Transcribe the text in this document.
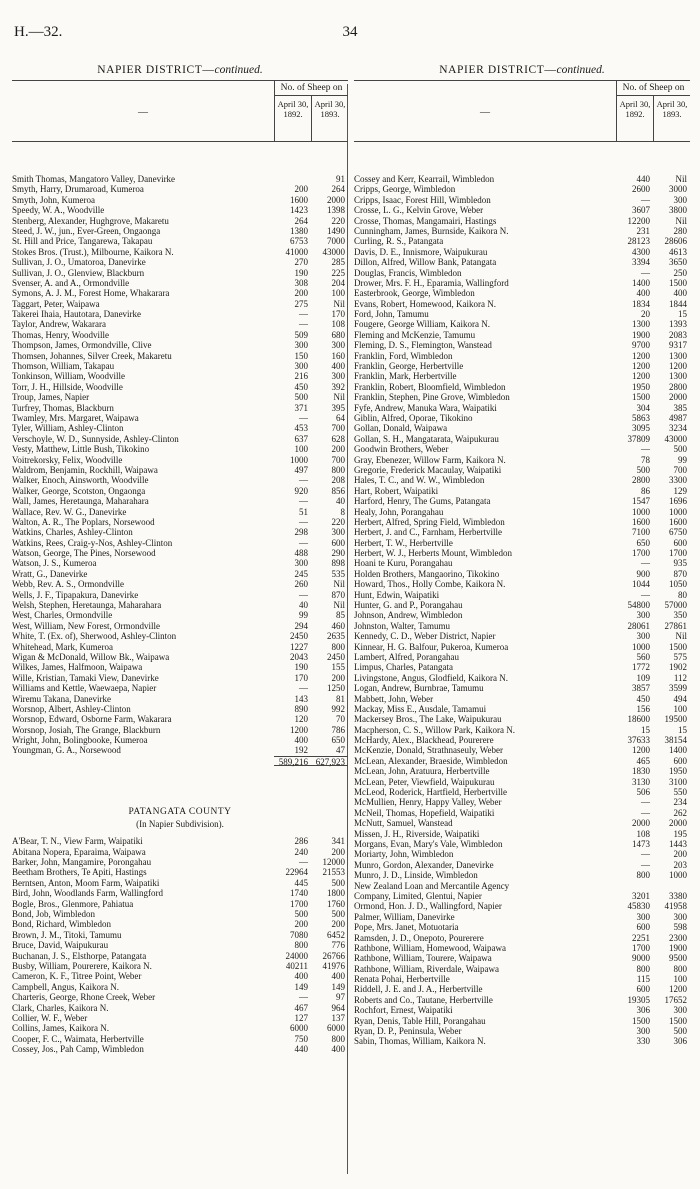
H.—32.	34
NAPIER DISTRICT—continued.
—
No. of Sheep on
April 30, 1892.
April 30, 1893.
Smith Thomas, Mangatoro Valley, Danevirke	91
Smyth, Harry, Drumaroad, Kumeroa	200	264
Smyth, John, Kumeroa	1600	2000
Speedy, W. A., Woodville	1423	1398
Stenberg, Alexander, Hughgrove, Makaretu	264	220
Steed, J. W., jun., Ever-Green, Ongaonga	1380	1490
St. Hill and Price, Tangarewa, Takapau	6753	7000
Stokes Bros. (Trust.), Milbourne, Kaikora N.	41000	43000
Sullivan, J. O., Umatoroa, Danevirke	270	285
Sullivan, J. O., Glenview, Blackburn	190	225
Svenser, A. and A., Ormondville	308	204
Symons, A. J. M., Forest Home, Whakarara	200	100
Taggart, Peter, Waipawa	275	Nil
Takerei Ihaia, Hautotara, Danevirke	—	170
Taylor, Andrew, Wakarara	—	108
Thomas, Henry, Woodville	509	680
Thompson, James, Ormondville, Clive	300	300
Thomsen, Johannes, Silver Creek, Makaretu	150	160
Thomson, William, Takapau	300	400
Tonkinson, William, Woodville	216	300
Torr, J. H., Hillside, Woodville	450	392
Troup, James, Napier	500	Nil
Turfrey, Thomas, Blackburn	371	395
Twamley, Mrs. Margaret, Waipawa	—	64
Tyler, William, Ashley-Clinton	453	700
Verschoyle, W. D., Sunnyside, Ashley-Clinton	637	628
Vesty, Matthew, Little Bush, Tikokino	100	200
Voitrekorsky, Felix, Woodville	1000	700
Waldrom, Benjamin, Rockhill, Waipawa	497	800
Walker, Enoch, Ainsworth, Woodville	—	208
Walker, George, Scotston, Ongaonga	920	856
Wall, James, Heretaunga, Maharahara	—	40
Wallace, Rev. W. G., Danevirke	51	8
Walton, A. R., The Poplars, Norsewood	—	220
Watkins, Charles, Ashley-Clinton	298	300
Watkins, Rees, Craig-y-Nos, Ashley-Clinton	—	600
Watson, George, The Pines, Norsewood	488	290
Watson, J. S., Kumeroa	300	898
Wratt, G., Danevirke	245	535
Webb, Rev. A. S., Ormondville	260	Nil
Wells, J. F., Tipapakura, Danevirke	—	870
Welsh, Stephen, Heretaunga, Maharahara	40	Nil
West, Charles, Ormondville	99	85
West, William, New Forest, Ormondville	294	460
White, T. (Ex. of), Sherwood, Ashley-Clinton	2450	2635
Whitehead, Mark, Kumeroa	1227	800
Wigan & McDonald, Willow Bk., Waipawa	2043	2450
Wilkes, James, Halfmoon, Waipawa	190	155
Wille, Kristian, Tamaki View, Danevirke	170	200
Williams and Kettle, Waewaepa, Napier	—	1250
Wiremu Takana, Danevirke	143	81
Worsnop, Albert, Ashley-Clinton	890	992
Worsnop, Edward, Osborne Farm, Wakarara	120	70
Worsnop, Josiah, The Grange, Blackburn	1200	786
Wright, John, Bolingbooke, Kumeroa	400	650
Youngman, G. A., Norsewood	192	47
589,216 627,923
PATANGATA COUNTY
(In Napier Subdivision).
A'Bear, T. N., View Farm, Waipatiki	286	341
Abitana Nopera, Eparaima, Waipawa	240	200
Barker, John, Mangamire, Porongahau	—	12000
Beetham Brothers, Te Apiti, Hastings	22964	21553
Berntsen, Anton, Moom Farm, Waipatiki	445	500
Bird, John, Woodlands Farm, Wallingford	1740	1800
Bogle, Bros., Glenmore, Pahiatua	1700	1760
Bond, Job, Wimbledon	500	500
Bond, Richard, Wimbledon	200	200
Brown, J. M., Titoki, Tamumu	7080	6452
Bruce, David, Waipukurau	800	776
Buchanan, J. S., Elsthorpe, Patangata	24000	26766
Busby, William, Pourerere, Kaikora N.	40211	41976
Cameron, K. F., Titree Point, Weber	400	400
Campbell, Angus, Kaikora N.	149	149
Charteris, George, Rhone Creek, Weber	—	97
Clark, Charles, Kaikora N.	467	964
Collier, W. F., Weber	127	137
Collins, James, Kaikora N.	6000	6000
Cooper, F. C., Waimata, Herbertville	750	800
Cossey, Jos., Pah Camp, Wimbledon	440	400
NAPIER DISTRICT—continued.
—
No. of Sheep on
April 30, 1892.
April 30, 1893.
Cossey and Kerr, Kearrail, Wimbledon	440	Nil
Cripps, George, Wimbledon	2600	3000
Cripps, Isaac, Forest Hill, Wimbledon	—	300
Crosse, L. G., Kelvin Grove, Weber	3607	3800
Crosse, Thomas, Mangamairi, Hastings	12200	Nil
Cunningham, James, Burnside, Kaikora N.	231	280
Curling, R. S., Patangata	28123	28606
Davis, D. E., Innismore, Waipukurau	4300	4613
Dillon, Alfred, Willow Bank, Patangata	3394	3650
Douglas, Francis, Wimbledon	—	250
Drower, Mrs. F. H., Eparamia, Wallingford	1400	1500
Easterbrook, George, Wimbledon	400	400
Evans, Robert, Homewood, Kaikora N.	1834	1844
Ford, John, Tamumu	20	15
Fougere, George William, Kaikora N.	1300	1393
Fleming and McKenzie, Tamumu	1900	2083
Fleming, D. S., Flemington, Wanstead	9700	9317
Franklin, Ford, Wimbledon	1200	1300
Franklin, George, Herbertville	1200	1200
Franklin, Mark, Herbertville	1200	1300
Franklin, Robert, Bloomfield, Wimbledon	1950	2800
Franklin, Stephen, Pine Grove, Wimbledon	1500	2000
Fyfe, Andrew, Manuka Wara, Waipatiki	304	385
Giblin, Alfred, Oporae, Tikokino	5863	4987
Gollan, Donald, Waipawa	3095	3234
Gollan, S. H., Mangatarata, Waipukurau	37809	43000
Goodwin Brothers, Weber	—	500
Gray, Ebenezer, Willow Farm, Kaikora N.	78	99
Gregorie, Frederick Macaulay, Waipatiki	500	700
Hales, T. C., and W. W., Wimbledon	2800	3300
Hart, Robert, Waipatiki	86	129
Harford, Henry, The Gums, Patangata	1547	1696
Healy, John, Porangahau	1000	1000
Herbert, Alfred, Spring Field, Wimbledon	1600	1600
Herbert, J. and C., Farnham, Herbertville	7100	6750
Herbert, T. W., Herbertville	650	600
Herbert, W. J., Herberts Mount, Wimbledon	1700	1700
Hoani te Kuru, Porangahau	—	935
Holden Brothers, Mangaorino, Tikokino	900	870
Howard, Thos., Holly Combe, Kaikora N.	1044	1050
Hunt, Edwin, Waipatiki	—	80
Hunter, G. and P., Porangahau	54800	57000
Johnson, Andrew, Wimbledon	300	350
Johnston, Walter, Tamumu	28061	27861
Kennedy, C. D., Weber District, Napier	300	Nil
Kinnear, H. G. Balfour, Pukeroa, Kumeroa	1000	1500
Lambert, Alfred, Porangahau	560	575
Limpus, Charles, Patangata	1772	1902
Livingstone, Angus, Glodfield, Kaikora N.	109	112
Logan, Andrew, Burnbrae, Tamumu	3857	3599
Mabbett, John, Weber	450	494
Mackay, Miss E., Ausdale, Tamamui	156	100
Mackersey Bros., The Lake, Waipukurau	18600	19500
Macpherson, C. S., Willow Park, Kaikora N.	15	15
McHardy, Alex., Blackhead, Pourerere	37633	38154
McKenzie, Donald, Strathnaseuly, Weber	1200	1400
McLean, Alexander, Braeside, Wimbledon	465	600
McLean, John, Aratuura, Herbertville	1830	1950
McLean, Peter, Viewfield, Waipukurau	3130	3100
McLeod, Roderick, Hartfield, Herbertville	506	550
McMullien, Henry, Happy Valley, Weber	—	234
McNeil, Thomas, Hopefield, Waipatiki	—	262
McNutt, Samuel, Wanstead	2000	2000
Missen, J. H., Riverside, Waipatiki	108	195
Morgans, Evan, Mary's Vale, Wimbledon	1473	1443
Moriarty, John, Wimbledon	—	200
Munro, Gordon, Alexander, Danevirke	—	203
Munro, J. D., Linside, Wimbledon	800	1000
New Zealand Loan and Mercantile Agency
Company, Limited, Glentui, Napier	3201	3380
Ormond, Hon. J. D., Wallingford, Napier	45830	41958
Palmer, William, Danevirke	300	300
Pope, Mrs. Janet, Motuotaria	600	598
Ramsden, J. D., Onepoto, Pourerere	2251	2300
Rathbone, William, Homewood, Waipawa	1700	1900
Rathbone, William, Tourere, Waipawa	9000	9500
Rathbone, William, Riverdale, Waipawa	800	800
Renata Pohai, Herbertville	115	100
Riddell, J. E. and J. A., Herbertville	600	1200
Roberts and Co., Tautane, Herbertville	19305	17652
Rochfort, Ernest, Waipatiki	306	300
Ryan, Denis, Table Hill, Porangahau	1500	1500
Ryan, D. P., Peninsula, Weber	300	500
Sabin, Thomas, William, Kaikora N.	330	306
